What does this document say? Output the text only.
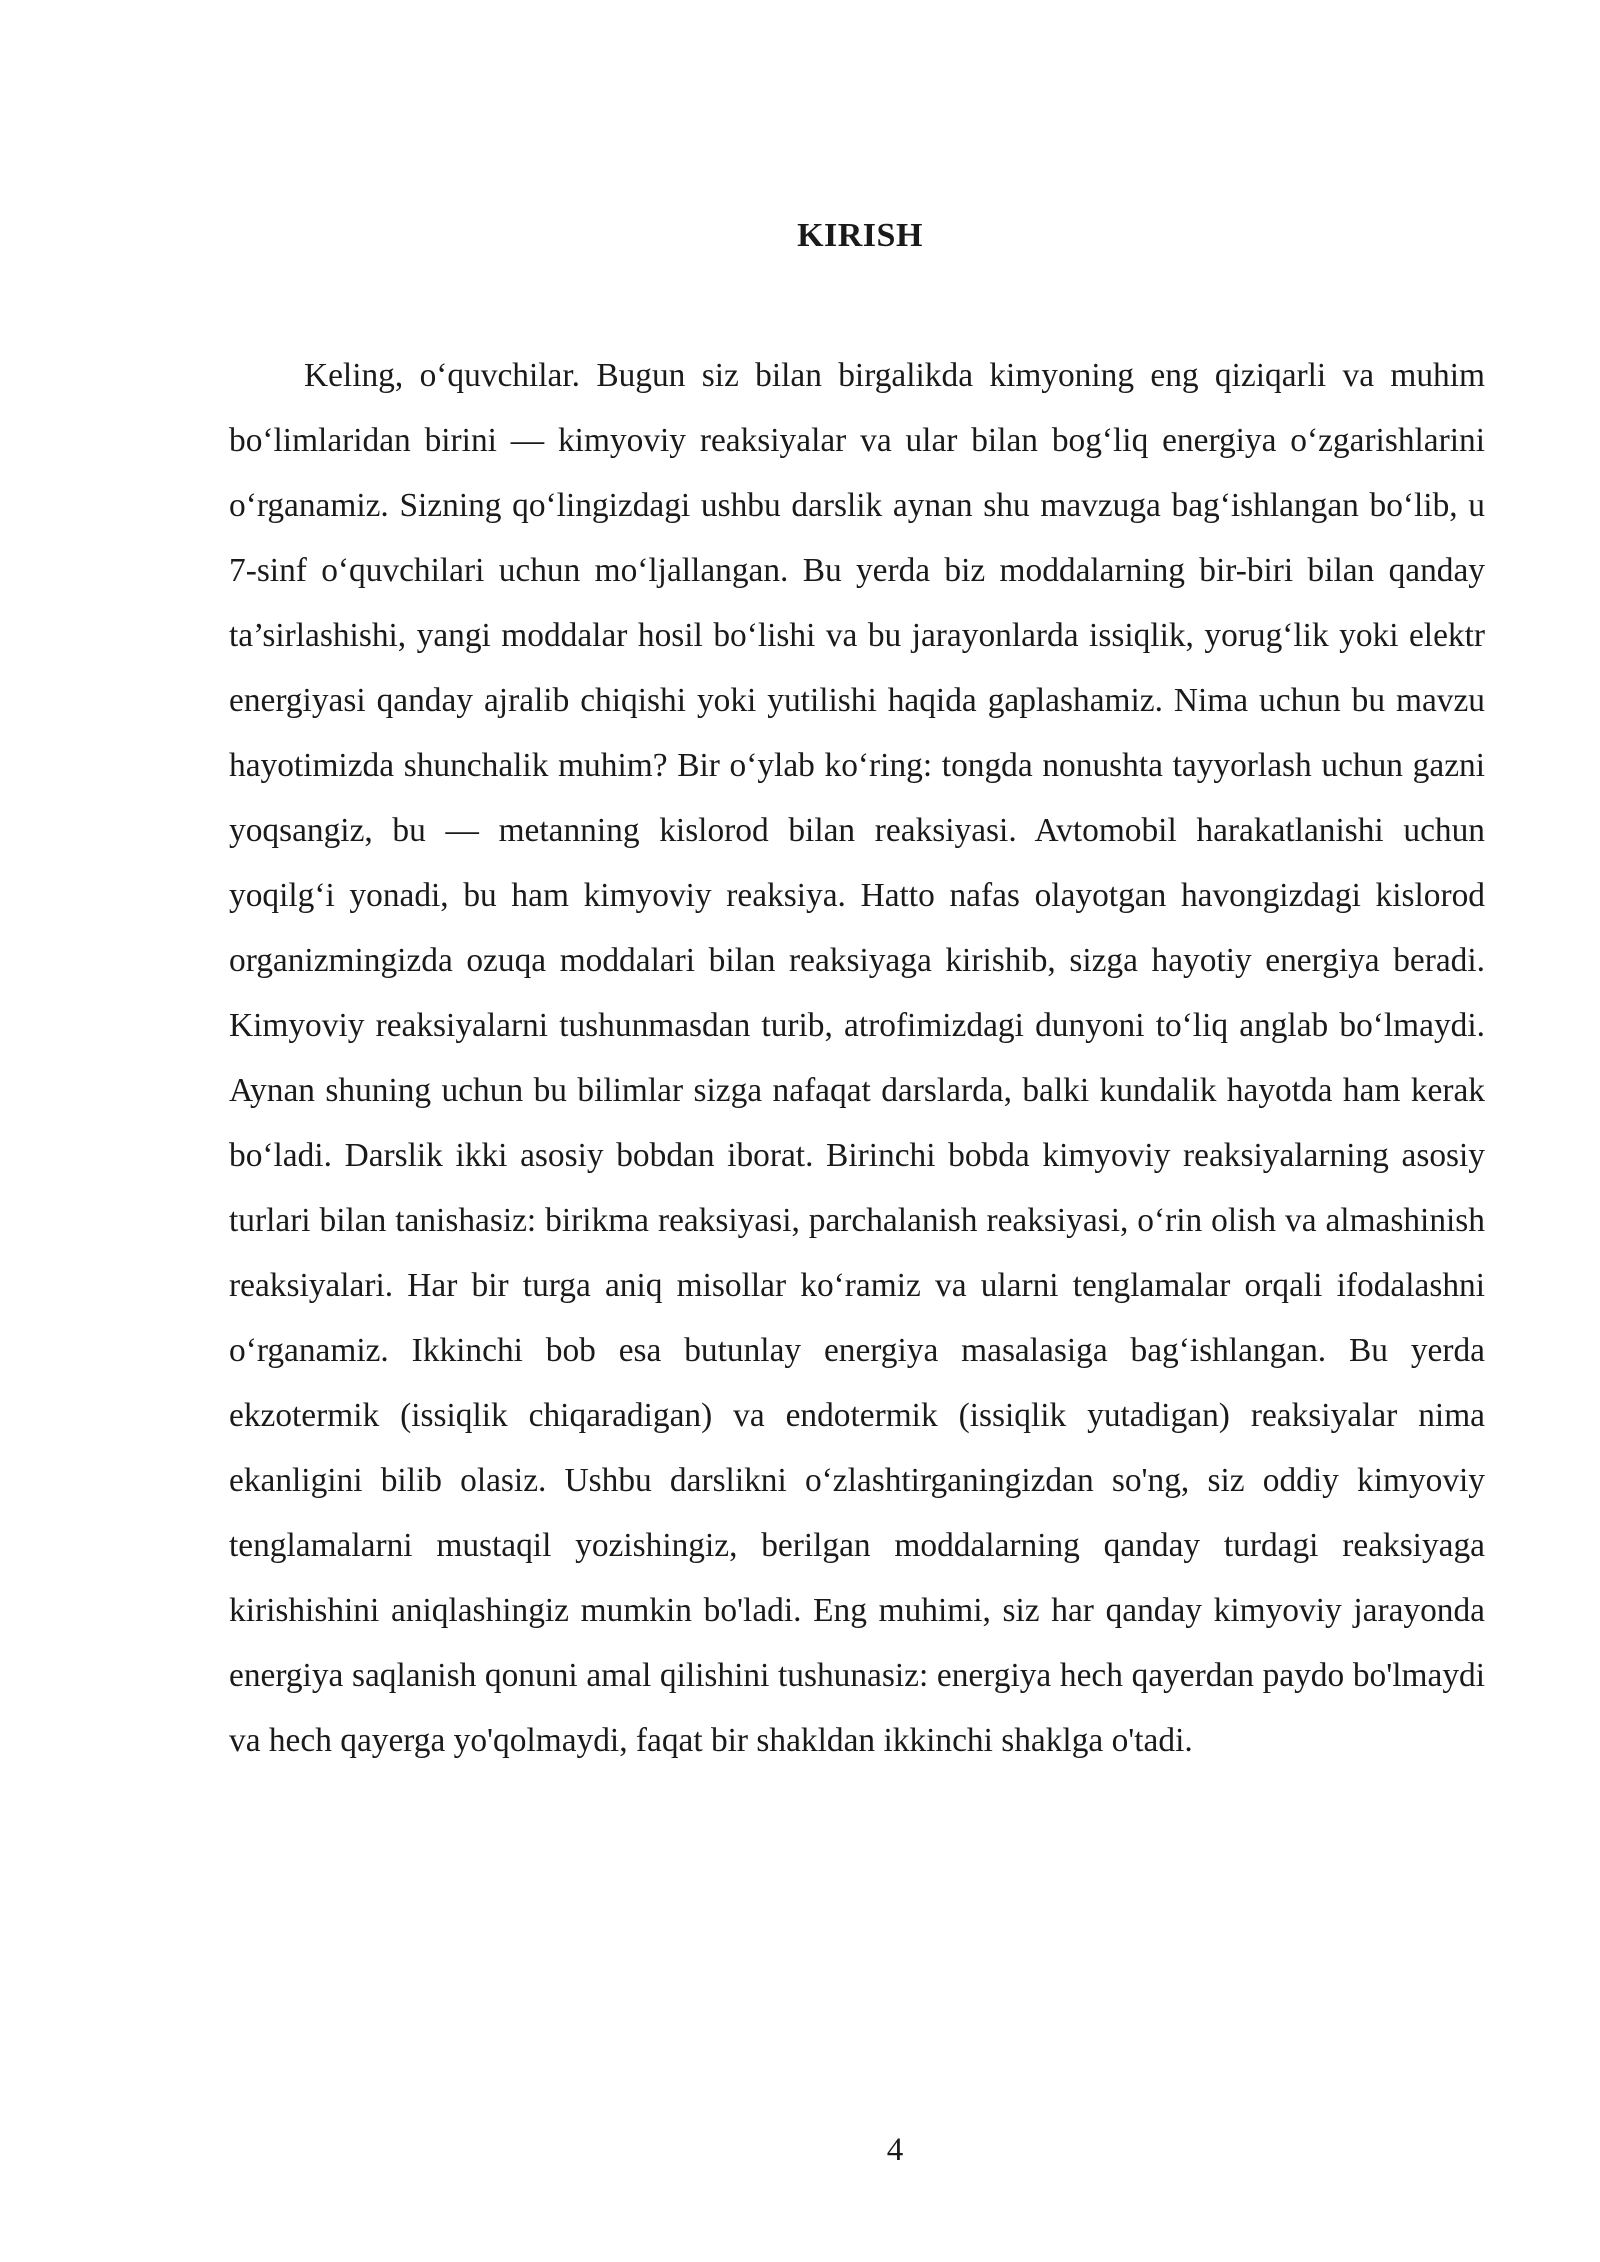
KIRISH

Keling, o‘quvchilar. Bugun siz bilan birgalikda kimyoning eng qiziqarli va muhim bo‘limlaridan birini — kimyoviy reaksiyalar va ular bilan bog‘liq energiya o‘zgarishlarini o‘rganamiz. Sizning qo‘lingizdagi ushbu darslik aynan shu mavzuga bag‘ishlangan bo‘lib, u 7-sinf o‘quvchilari uchun mo‘ljallangan. Bu yerda biz moddalarning bir-biri bilan qanday ta’sirlashishi, yangi moddalar hosil bo‘lishi va bu jarayonlarda issiqlik, yorug‘lik yoki elektr energiyasi qanday ajralib chiqishi yoki yutilishi haqida gaplashamiz. Nima uchun bu mavzu hayotimizda shunchalik muhim? Bir o‘ylab ko‘ring: tongda nonushta tayyorlash uchun gazni yoqsangiz, bu — metanning kislorod bilan reaksiyasi. Avtomobil harakatlanishi uchun yoqilg‘i yonadi, bu ham kimyoviy reaksiya. Hatto nafas olayotgan havongizdagi kislorod organizmingizda ozuqa moddalari bilan reaksiyaga kirishib, sizga hayotiy energiya beradi. Kimyoviy reaksiyalarni tushunmasdan turib, atrofimizdagi dunyoni to‘liq anglab bo‘lmaydi. Aynan shuning uchun bu bilimlar sizga nafaqat darslarda, balki kundalik hayotda ham kerak bo‘ladi. Darslik ikki asosiy bobdan iborat. Birinchi bobda kimyoviy reaksiyalarning asosiy turlari bilan tanishasiz: birikma reaksiyasi, parchalanish reaksiyasi, o‘rin olish va almashinish reaksiyalari. Har bir turga aniq misollar ko‘ramiz va ularni tenglamalar orqali ifodalashni o‘rganamiz. Ikkinchi bob esa butunlay energiya masalasiga bag‘ishlangan. Bu yerda ekzotermik (issiqlik chiqaradigan) va endotermik (issiqlik yutadigan) reaksiyalar nima ekanligini bilib olasiz. Ushbu darslikni o‘zlashtirganingizdan so'ng, siz oddiy kimyoviy tenglamalarni mustaqil yozishingiz, berilgan moddalarning qanday turdagi reaksiyaga kirishishini aniqlashingiz mumkin bo'ladi. Eng muhimi, siz har qanday kimyoviy jarayonda energiya saqlanish qonuni amal qilishini tushunasiz: energiya hech qayerdan paydo bo'lmaydi va hech qayerga yo'qolmaydi, faqat bir shakldan ikkinchi shaklga o'tadi.

4
